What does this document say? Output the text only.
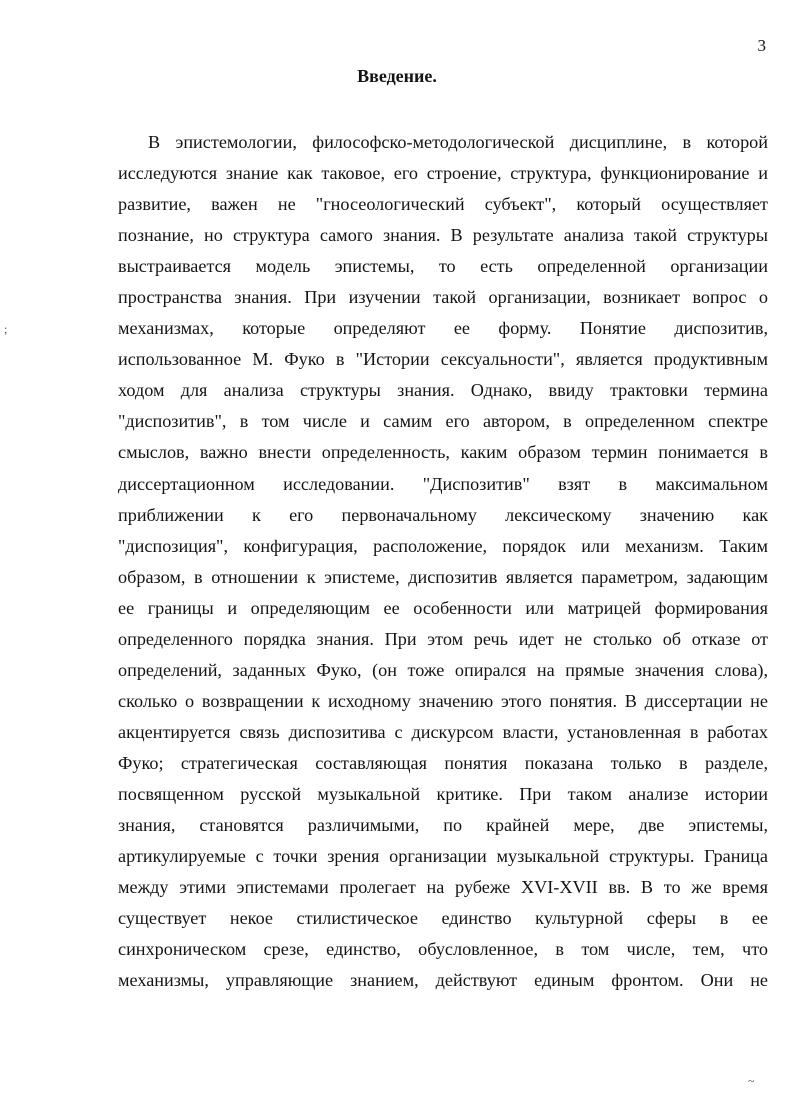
3
Введение.
;
~
В эпистемологии, философско-методологической дисциплине, в которой
исследуются знание как таковое, его строение, структура, функционирование и
развитие, важен не "гносеологический субъект", который осуществляет
познание, но структура самого знания. В результате анализа такой структуры
выстраивается модель эпистемы, то есть определенной организации
пространства знания. При изучении такой организации, возникает вопрос о
механизмах, которые определяют ее форму. Понятие диспозитив,
использованное М. Фуко в "Истории сексуальности", является продуктивным
ходом для анализа структуры знания. Однако, ввиду трактовки термина
"диспозитив", в том числе и самим его автором, в определенном спектре
смыслов, важно внести определенность, каким образом термин понимается в
диссертационном исследовании. "Диспозитив" взят в максимальном
приближении к его первоначальному лексическому значению как
"диспозиция", конфигурация, расположение, порядок или механизм. Таким
образом, в отношении к эпистеме, диспозитив является параметром, задающим
ее границы и определяющим ее особенности или матрицей формирования
определенного порядка знания. При этом речь идет не столько об отказе от
определений, заданных Фуко, (он тоже опирался на прямые значения слова),
сколько о возвращении к исходному значению этого понятия. В диссертации не
акцентируется связь диспозитива с дискурсом власти, установленная в работах
Фуко; стратегическая составляющая понятия показана только в разделе,
посвященном русской музыкальной критике. При таком анализе истории
знания, становятся различимыми, по крайней мере, две эпистемы,
артикулируемые с точки зрения организации музыкальной структуры. Граница
между этими эпистемами пролегает на рубеже XVI-XVII вв. В то же время
существует некое стилистическое единство культурной сферы в ее
синхроническом срезе, единство, обусловленное, в том числе, тем, что
механизмы, управляющие знанием, действуют единым фронтом. Они не
